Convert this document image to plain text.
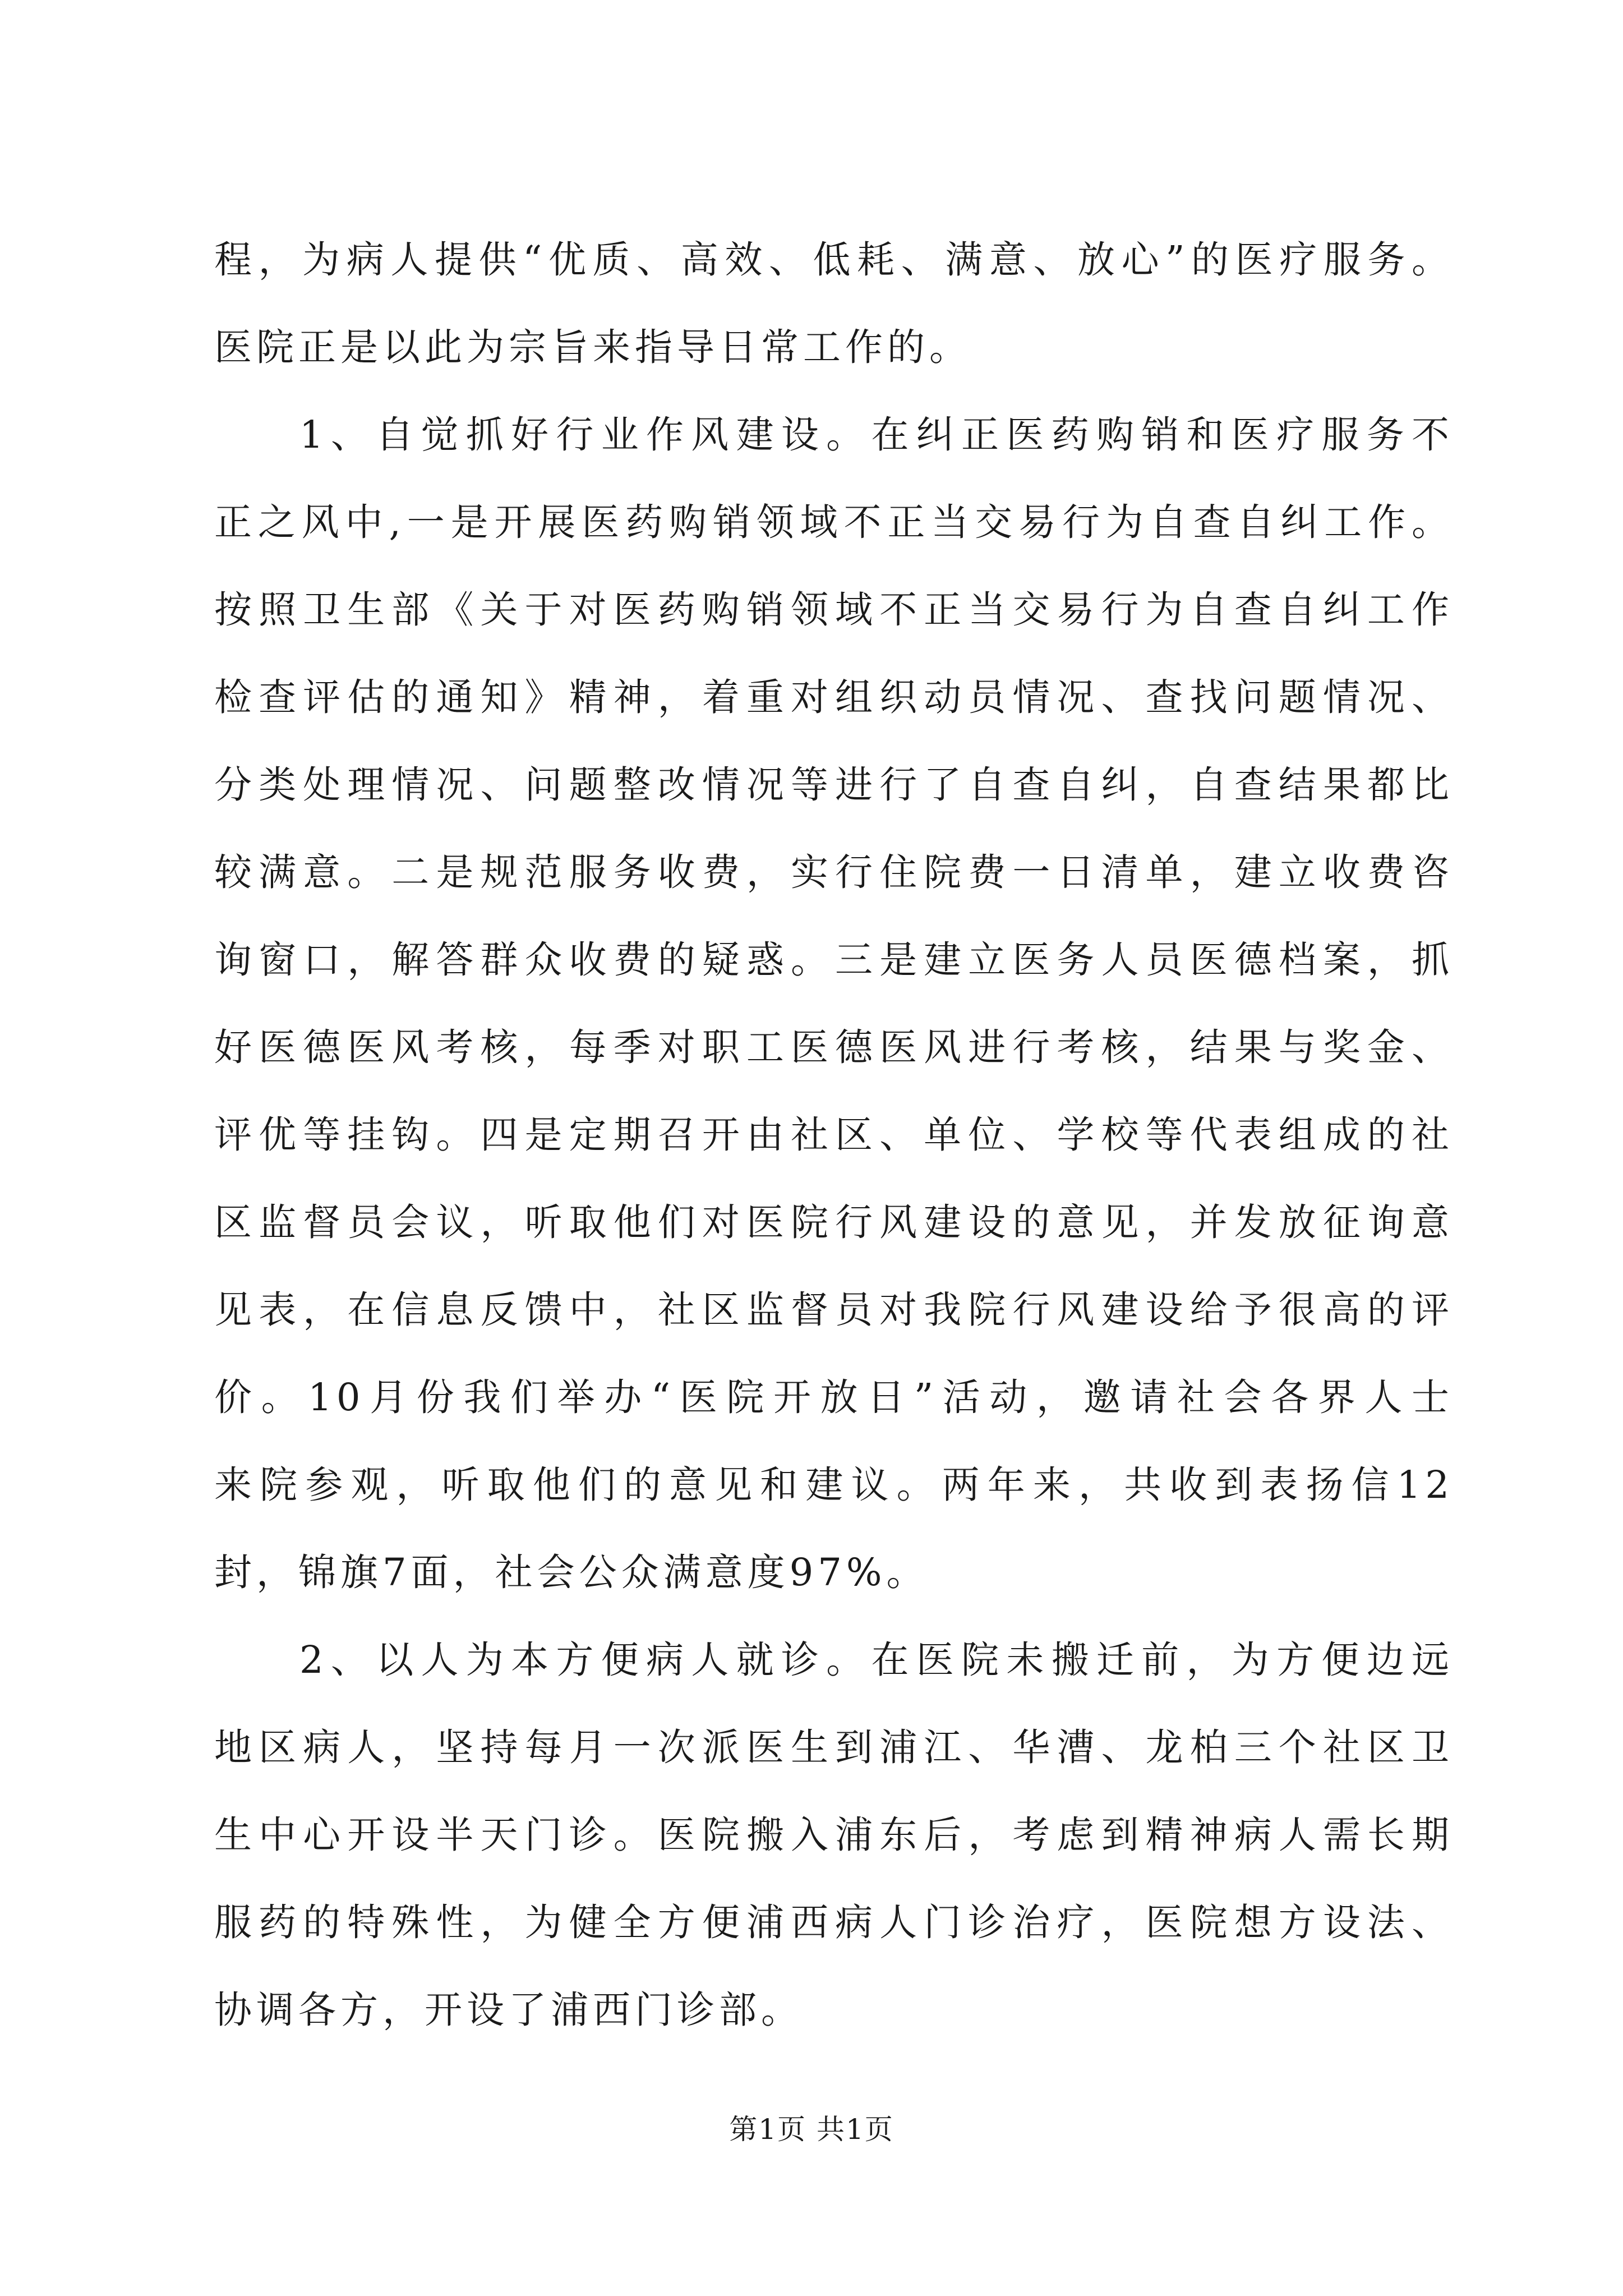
程，为病人提供“优质、高效、低耗、满意、放心”的医疗服务。
医院正是以此为宗旨来指导日常工作的。
1、自觉抓好行业作风建设。在纠正医药购销和医疗服务不
正之风中,一是开展医药购销领域不正当交易行为自查自纠工作。
按照卫生部《关于对医药购销领域不正当交易行为自查自纠工作
检查评估的通知》精神，着重对组织动员情况、查找问题情况、
分类处理情况、问题整改情况等进行了自查自纠，自查结果都比
较满意。二是规范服务收费，实行住院费一日清单，建立收费咨
询窗口，解答群众收费的疑惑。三是建立医务人员医德档案，抓
好医德医风考核，每季对职工医德医风进行考核，结果与奖金、
评优等挂钩。四是定期召开由社区、单位、学校等代表组成的社
区监督员会议，听取他们对医院行风建设的意见，并发放征询意
见表，在信息反馈中，社区监督员对我院行风建设给予很高的评
价。10月份我们举办“医院开放日”活动，邀请社会各界人士
来院参观，听取他们的意见和建议。两年来，共收到表扬信12
封，锦旗7面，社会公众满意度97%。
2、以人为本方便病人就诊。在医院未搬迁前，为方便边远
地区病人，坚持每月一次派医生到浦江、华漕、龙柏三个社区卫
生中心开设半天门诊。医院搬入浦东后，考虑到精神病人需长期
服药的特殊性，为健全方便浦西病人门诊治疗，医院想方设法、
协调各方，开设了浦西门诊部。
第1页 共1页
